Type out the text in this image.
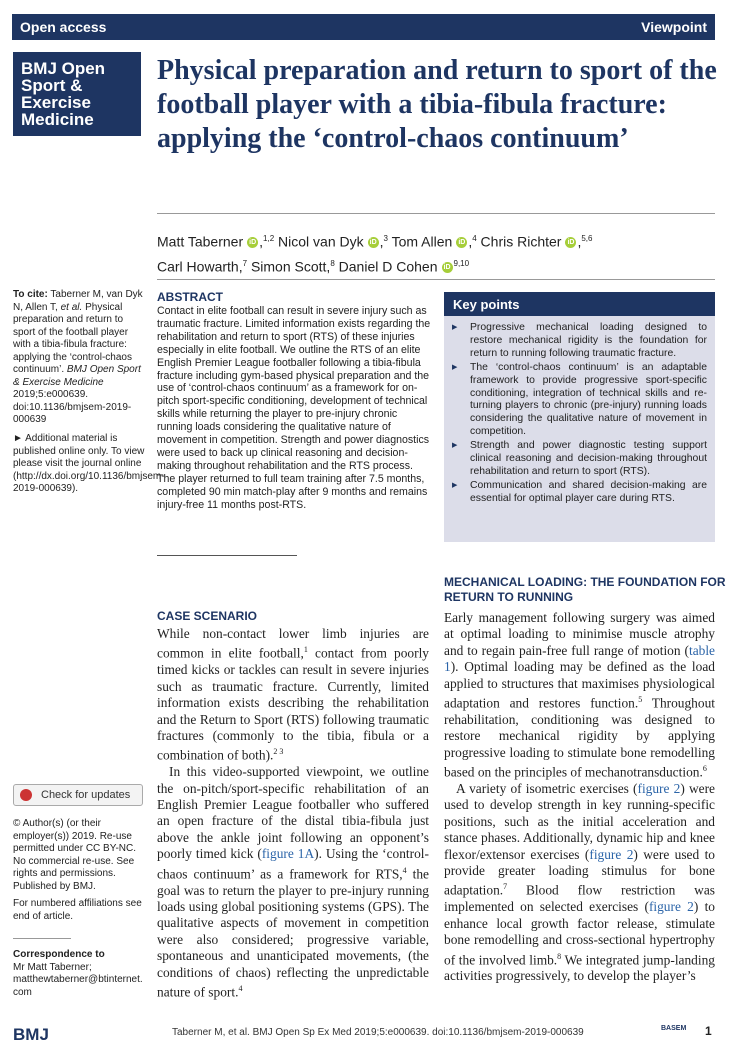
Open access	Viewpoint
BMJ Open
Sport &
Exercise
Medicine
Physical preparation and return to sport of the football player with a tibia-fibula fracture: applying the ‘control-chaos continuum’
Matt Taberner iD ,$^{1,2}$ Nicol van Dyk iD ,$^3$ Tom Allen iD ,$^4$ Chris Richter iD ,$^{5,6}$
Carl Howarth,$^7$ Simon Scott,$^8$ Daniel D Cohen iD $^{9,10}$
To cite: Taberner M, van Dyk N, Allen T, et al. Physical preparation and return to sport of the football player with a tibia-fibula fracture: applying the ‘control-chaos continuum’. BMJ Open Sport & Exercise Medicine 2019;5:e000639. doi:10.1136/bmjsem-2019-000639
► Additional material is published online only. To view please visit the journal online (http://dx.doi.org/10.1136/bmjsem-2019-000639).
Check for updates
© Author(s) (or their employer(s)) 2019. Re-use permitted under CC BY-NC. No commercial re-use. See rights and permissions. Published by BMJ.
For numbered affiliations see end of article.
Correspondence to
Mr Matt Taberner;
matthewtaberner@btinternet.com
ABSTRACT
Contact in elite football can result in severe injury such as traumatic fracture. Limited information exists regarding the rehabilitation and return to sport (RTS) of these injuries especially in elite football. We outline the RTS of an elite English Premier League footballer following a tibia-fibula fracture including gym-based physical preparation and the use of ‘control-chaos continuum’ as a framework for on-pitch sport-specific conditioning, development of technical skills while returning the player to pre-injury chronic running loads considering the qualitative nature of movement in competition. Strength and power diagnostics were used to back up clinical reasoning and decision-making throughout rehabilitation and the RTS process. The player returned to full team training after 7.5 months, completed 90 min match-play after 9 months and remains injury-free 11 months post-RTS.
Key points
▶ Progressive mechanical loading designed to restore mechanical rigidity is the foundation for return to running following traumatic fracture.
▶ The ‘control-chaos continuum’ is an adaptable framework to provide progressive sport-specific conditioning, integration of technical skills and re-turning players to chronic (pre-injury) running loads considering the qualitative nature of movement in competition.
▶ Strength and power diagnostic testing support clinical reasoning and decision-making throughout rehabilitation and return to sport (RTS).
▶ Communication and shared decision-making are essential for optimal player care during RTS.
CASE SCENARIO

While non-contact lower limb injuries are common in elite football,$^1$ contact from poorly timed kicks or tackles can result in severe injuries such as traumatic fracture. Currently, limited information exists describing the rehabilitation and the Return to Sport (RTS) following traumatic fractures (commonly to the tibia, fibula or a combination of both).$^{2 3}$

In this video-supported viewpoint, we outline the on-pitch/sport-specific rehabilitation of an English Premier League footballer who suffered an open fracture of the distal tibia-fibula just above the ankle joint following an opponent’s poorly timed kick (figure 1A). Using the ‘control-chaos continuum’ as a framework for RTS,$^4$ the goal was to return the player to pre-injury running loads using global positioning systems (GPS). The qualitative aspects of movement in competition were also considered; progressive variable, spontaneous and unanticipated movements, (the conditions of chaos) reflecting the unpredictable nature of sport.$^4$

MECHANICAL LOADING: THE FOUNDATION FOR
RETURN TO RUNNING

Early management following surgery was aimed at optimal loading to minimise muscle atrophy and to regain pain-free full range of motion (table 1). Optimal loading may be defined as the load applied to structures that maximises physiological adaptation and restores function.$^5$ Throughout rehabilitation, conditioning was designed to restore mechanical rigidity by applying progressive loading to stimulate bone remodelling based on the principles of mechanotransduction.$^6$

A variety of isometric exercises (figure 2) were used to develop strength in key running-specific positions, such as the initial acceleration and stance phases. Additionally, dynamic hip and knee flexor/extensor exercises (figure 2) were used to provide greater loading stimulus for bone adaptation.$^7$ Blood flow restriction was implemented on selected exercises (figure 2) to enhance local growth factor release, stimulate bone remodelling and cross-sectional hypertrophy of the involved limb.$^8$ We integrated jump-landing activities progressively, to develop the player’s

BMJ	Taberner M, et al. BMJ Open Sp Ex Med 2019;5:e000639. doi:10.1136/bmjsem-2019-000639	BASEM 1
